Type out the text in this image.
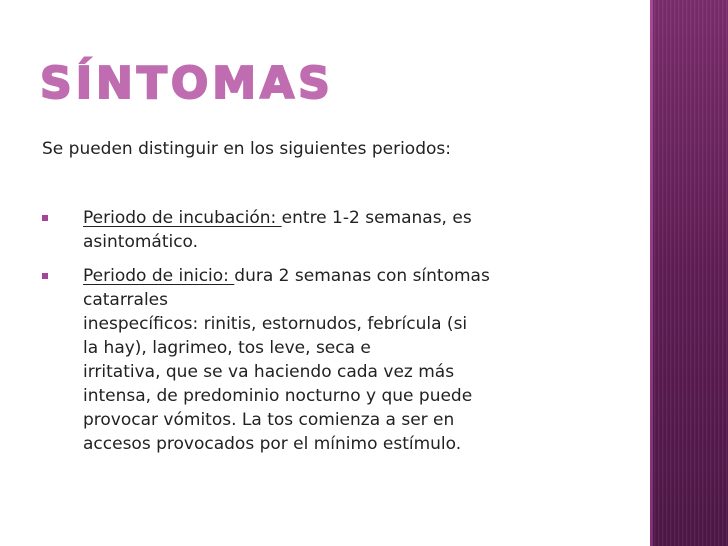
SÍNTOMAS
Se pueden distinguir en los siguientes periodos:
Periodo de incubación: entre 1-2 semanas, es
asintomático.
Periodo de inicio: dura 2 semanas con síntomas
catarrales
inespecíficos: rinitis, estornudos, febrícula (si
la hay), lagrimeo, tos leve, seca e
irritativa, que se va haciendo cada vez más
intensa, de predominio nocturno y que puede
provocar vómitos. La tos comienza a ser en
accesos provocados por el mínimo estímulo.
